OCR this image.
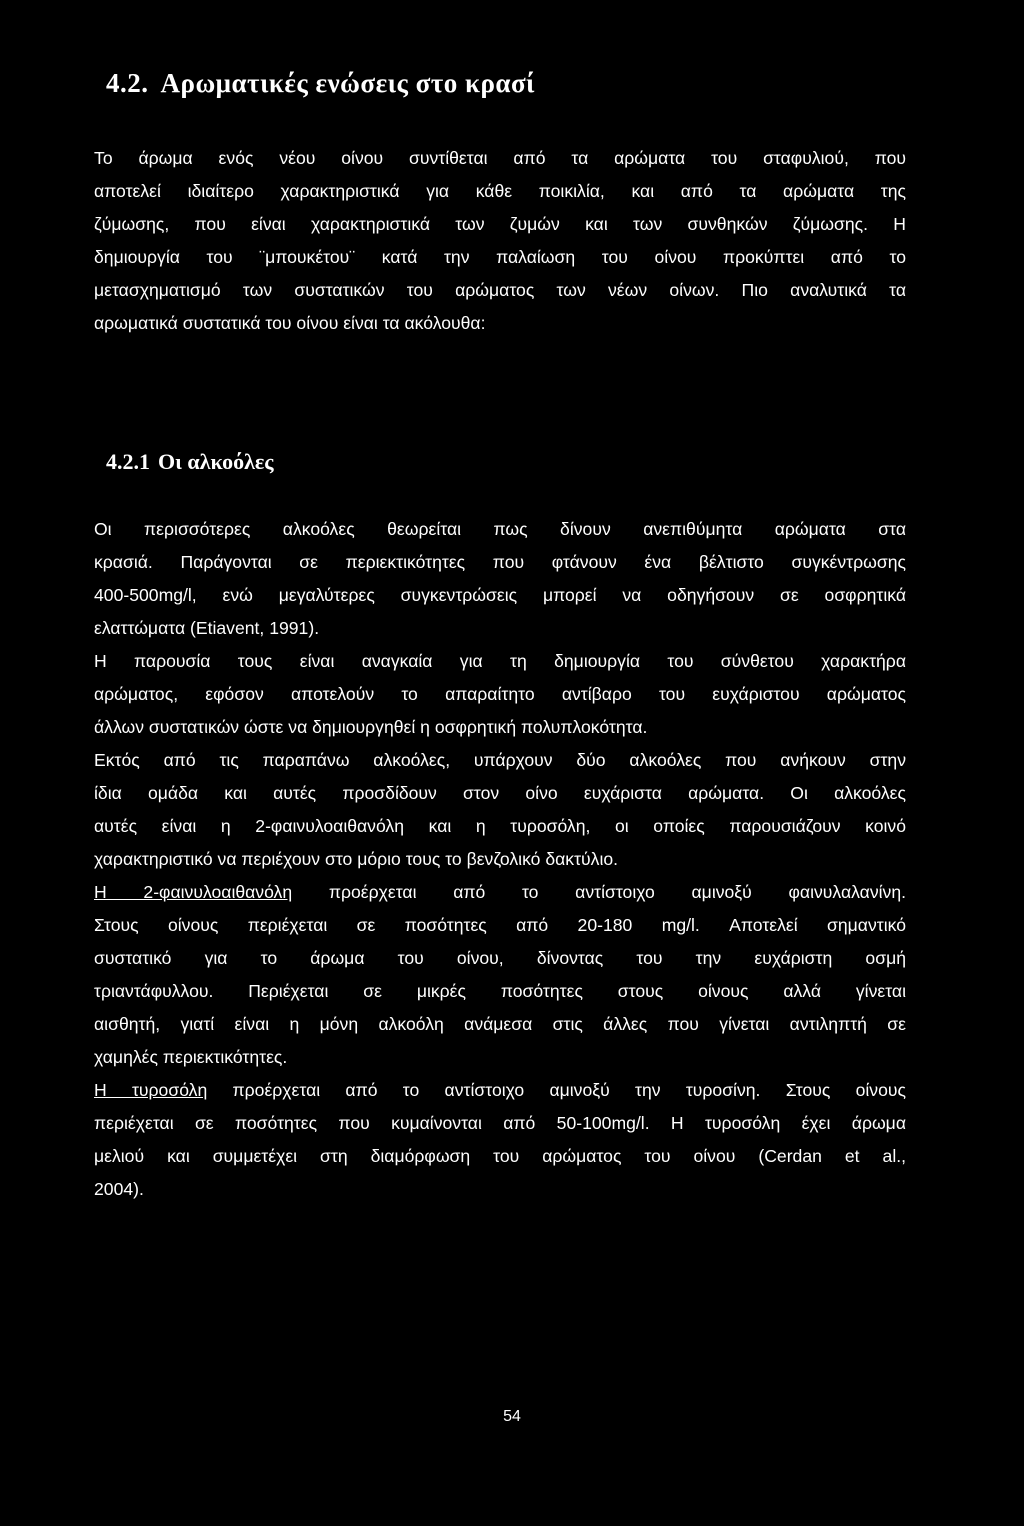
4.2. Αρωματικές ενώσεις στο κρασί
Το άρωμα ενός νέου οίνου συντίθεται από τα αρώματα του σταφυλιού, που
αποτελεί ιδιαίτερο χαρακτηριστικά για κάθε ποικιλία, και από τα αρώματα της
ζύμωσης, που είναι χαρακτηριστικά των ζυμών και των συνθηκών ζύμωσης. Η
δημιουργία του ¨μπουκέτου¨ κατά την παλαίωση του οίνου προκύπτει από το
μετασχηματισμό των συστατικών του αρώματος των νέων οίνων. Πιο αναλυτικά τα
αρωματικά συστατικά του οίνου είναι τα ακόλουθα:
4.2.1 Οι αλκοόλες
Οι περισσότερες αλκοόλες θεωρείται πως δίνουν ανεπιθύμητα αρώματα στα
κρασιά. Παράγονται σε περιεκτικότητες που φτάνουν ένα βέλτιστο συγκέντρωσης
400-500mg/l, ενώ μεγαλύτερες συγκεντρώσεις μπορεί να οδηγήσουν σε οσφρητικά
ελαττώματα (Etiavent, 1991).
Η παρουσία τους είναι αναγκαία για τη δημιουργία του σύνθετου χαρακτήρα
αρώματος, εφόσον αποτελούν το απαραίτητο αντίβαρο του ευχάριστου αρώματος
άλλων συστατικών ώστε να δημιουργηθεί η οσφρητική πολυπλοκότητα.
Εκτός από τις παραπάνω αλκοόλες, υπάρχουν δύο αλκοόλες που ανήκουν στην
ίδια ομάδα και αυτές προσδίδουν στον οίνο ευχάριστα αρώματα. Οι αλκοόλες
αυτές είναι η 2-φαινυλοαιθανόλη και η τυροσόλη, οι οποίες παρουσιάζουν κοινό
χαρακτηριστικό να περιέχουν στο μόριο τους το βενζολικό δακτύλιο.
Η 2-φαινυλοαιθανόλη προέρχεται από το αντίστοιχο αμινοξύ φαινυλαλανίνη.
Στους οίνους περιέχεται σε ποσότητες από 20-180 mg/l. Αποτελεί σημαντικό
συστατικό για το άρωμα του οίνου, δίνοντας του την ευχάριστη οσμή
τριαντάφυλλου. Περιέχεται σε μικρές ποσότητες στους οίνους αλλά γίνεται
αισθητή, γιατί είναι η μόνη αλκοόλη ανάμεσα στις άλλες που γίνεται αντιληπτή σε
χαμηλές περιεκτικότητες.
Η τυροσόλη προέρχεται από το αντίστοιχο αμινοξύ την τυροσίνη. Στους οίνους
περιέχεται σε ποσότητες που κυμαίνονται από 50-100mg/l. Η τυροσόλη έχει άρωμα
μελιού και συμμετέχει στη διαμόρφωση του αρώματος του οίνου (Cerdan et al.,
2004).
54
